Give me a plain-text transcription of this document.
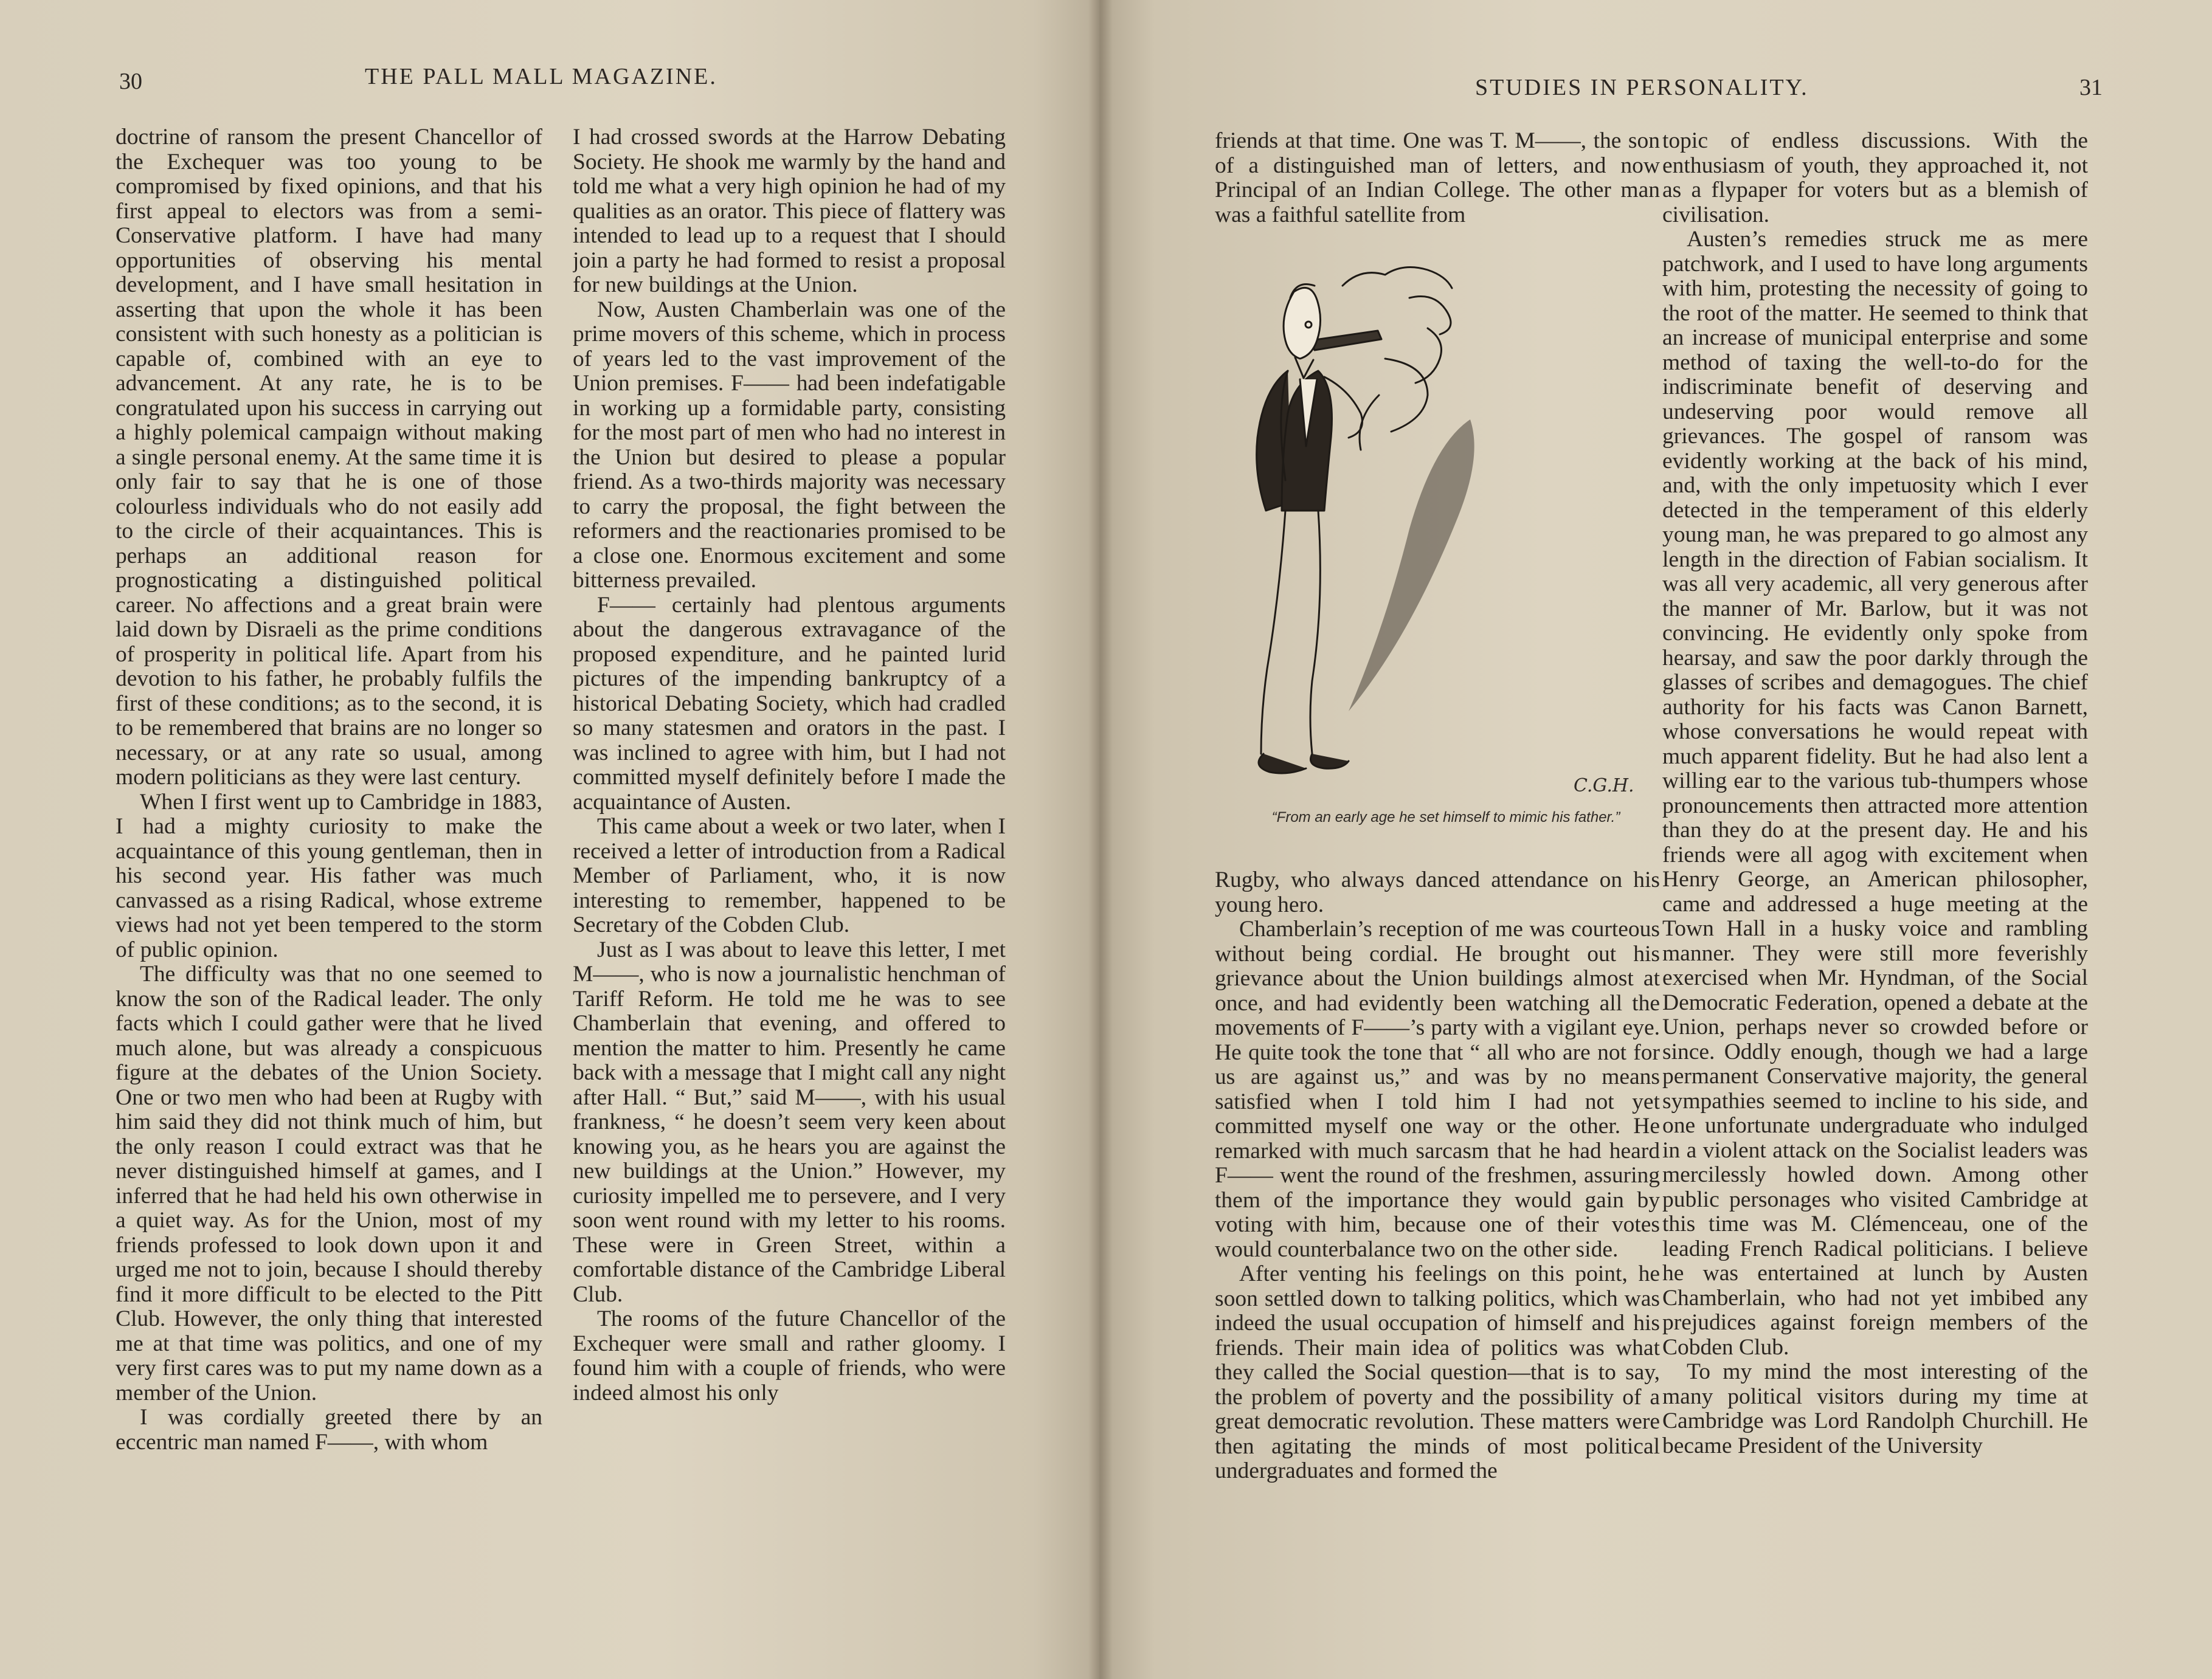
30	THE PALL MALL MAGAZINE.

doctrine of ransom the present Chancellor of the Exchequer was too young to be compromised by fixed opinions, and that his first appeal to electors was from a semi-Conservative platform. I have had many opportunities of observing his mental development, and I have small hesitation in asserting that upon the whole it has been consistent with such honesty as a politician is capable of, combined with an eye to advancement. At any rate, he is to be congratulated upon his success in carrying out a highly polemical campaign without making a single personal enemy. At the same time it is only fair to say that he is one of those colourless individuals who do not easily add to the circle of their acquaintances. This is perhaps an additional reason for prognosticating a distinguished political career. No affections and a great brain were laid down by Disraeli as the prime conditions of prosperity in political life. Apart from his devotion to his father, he probably fulfils the first of these conditions; as to the second, it is to be remembered that brains are no longer so necessary, or at any rate so usual, among modern politicians as they were last century.

When I first went up to Cambridge in 1883, I had a mighty curiosity to make the acquaintance of this young gentleman, then in his second year. His father was much canvassed as a rising Radical, whose extreme views had not yet been tempered to the storm of public opinion.

The difficulty was that no one seemed to know the son of the Radical leader. The only facts which I could gather were that he lived much alone, but was already a conspicuous figure at the debates of the Union Society. One or two men who had been at Rugby with him said they did not think much of him, but the only reason I could extract was that he never distinguished himself at games, and I inferred that he had held his own otherwise in a quiet way. As for the Union, most of my friends professed to look down upon it and urged me not to join, because I should thereby find it more difficult to be elected to the Pitt Club. However, the only thing that interested me at that time was politics, and one of my very first cares was to put my name down as a member of the Union.

I was cordially greeted there by an eccentric man named F——, with whom

I had crossed swords at the Harrow Debating Society. He shook me warmly by the hand and told me what a very high opinion he had of my qualities as an orator. This piece of flattery was intended to lead up to a request that I should join a party he had formed to resist a proposal for new buildings at the Union.

Now, Austen Chamberlain was one of the prime movers of this scheme, which in process of years led to the vast improvement of the Union premises. F—— had been indefatigable in working up a formidable party, consisting for the most part of men who had no interest in the Union but desired to please a popular friend. As a two-thirds majority was necessary to carry the proposal, the fight between the reformers and the reactionaries promised to be a close one. Enormous excitement and some bitterness prevailed.

F—— certainly had plentous arguments about the dangerous extravagance of the proposed expenditure, and he painted lurid pictures of the impending bankruptcy of a historical Debating Society, which had cradled so many statesmen and orators in the past. I was inclined to agree with him, but I had not committed myself definitely before I made the acquaintance of Austen.

This came about a week or two later, when I received a letter of introduction from a Radical Member of Parliament, who, it is now interesting to remember, happened to be Secretary of the Cobden Club.

Just as I was about to leave this letter, I met M——, who is now a journalistic henchman of Tariff Reform. He told me he was to see Chamberlain that evening, and offered to mention the matter to him. Presently he came back with a message that I might call any night after Hall. “ But,” said M——, with his usual frankness, “ he doesn’t seem very keen about knowing you, as he hears you are against the new buildings at the Union.” However, my curiosity impelled me to persevere, and I very soon went round with my letter to his rooms. These were in Green Street, within a comfortable distance of the Cambridge Liberal Club.

The rooms of the future Chancellor of the Exchequer were small and rather gloomy. I found him with a couple of friends, who were indeed almost his only

STUDIES IN PERSONALITY.	31

friends at that time. One was T. M——, the son of a distinguished man of letters, and now Principal of an Indian College. The other man was a faithful satellite from

C.G.H.
“From an early age he set himself to mimic his father.”

Rugby, who always danced attendance on his young hero.

Chamberlain’s reception of me was courteous without being cordial. He brought out his grievance about the Union buildings almost at once, and had evidently been watching all the movements of F——’s party with a vigilant eye. He quite took the tone that “ all who are not for us are against us,” and was by no means satisfied when I told him I had not yet committed myself one way or the other. He remarked with much sarcasm that he had heard F—— went the round of the freshmen, assuring them of the importance they would gain by voting with him, because one of their votes would counterbalance two on the other side.

After venting his feelings on this point, he soon settled down to talking politics, which was indeed the usual occupation of himself and his friends. Their main idea of politics was what they called the Social question—that is to say, the problem of poverty and the possibility of a great democratic revolution. These matters were then agitating the minds of most political undergraduates and formed the

topic of endless discussions. With the enthusiasm of youth, they approached it, not as a flypaper for voters but as a blemish of civilisation.

Austen’s remedies struck me as mere patchwork, and I used to have long arguments with him, protesting the necessity of going to the root of the matter. He seemed to think that an increase of municipal enterprise and some method of taxing the well-to-do for the indiscriminate benefit of deserving and undeserving poor would remove all grievances. The gospel of ransom was evidently working at the back of his mind, and, with the only impetuosity which I ever detected in the temperament of this elderly young man, he was prepared to go almost any length in the direction of Fabian socialism. It was all very academic, all very generous after the manner of Mr. Barlow, but it was not convincing. He evidently only spoke from hearsay, and saw the poor darkly through the glasses of scribes and demagogues. The chief authority for his facts was Canon Barnett, whose conversations he would repeat with much apparent fidelity. But he had also lent a willing ear to the various tub-thumpers whose pronouncements then attracted more attention than they do at the present day. He and his friends were all agog with excitement when Henry George, an American philosopher, came and addressed a huge meeting at the Town Hall in a husky voice and rambling manner. They were still more feverishly exercised when Mr. Hyndman, of the Social Democratic Federation, opened a debate at the Union, perhaps never so crowded before or since. Oddly enough, though we had a large permanent Conservative majority, the general sympathies seemed to incline to his side, and one unfortunate undergraduate who indulged in a violent attack on the Socialist leaders was mercilessly howled down. Among other public personages who visited Cambridge at this time was M. Clémenceau, one of the leading French Radical politicians. I believe he was entertained at lunch by Austen Chamberlain, who had not yet imbibed any prejudices against foreign members of the Cobden Club.

To my mind the most interesting of the many political visitors during my time at Cambridge was Lord Randolph Churchill. He became President of the University
